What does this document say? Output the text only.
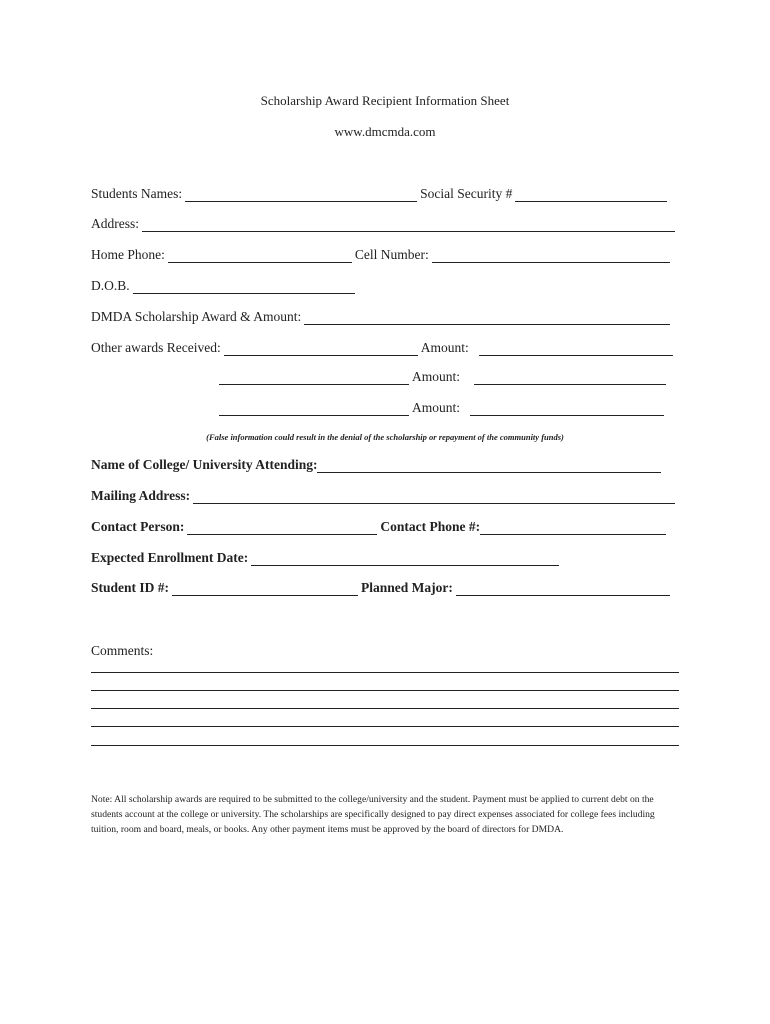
Scholarship Award Recipient Information Sheet
www.dmcmda.com
Students Names:	Social Security #
Address:
Home Phone:	Cell Number:
D.O.B.
DMDA Scholarship Award & Amount:
Other awards Received:	Amount:
Amount:
Amount:
(False information could result in the denial of the scholarship or repayment of the community funds)
Name of College/ University Attending:
Mailing Address:
Contact Person:	Contact Phone #:
Expected Enrollment Date:
Student ID #:	Planned Major:
Comments:
Note: All scholarship awards are required to be submitted to the college/university and the student. Payment must be applied to current debt on the students account at the college or university. The scholarships are specifically designed to pay direct expenses associated for college fees including tuition, room and board, meals, or books. Any other payment items must be approved by the board of directors for DMDA.
